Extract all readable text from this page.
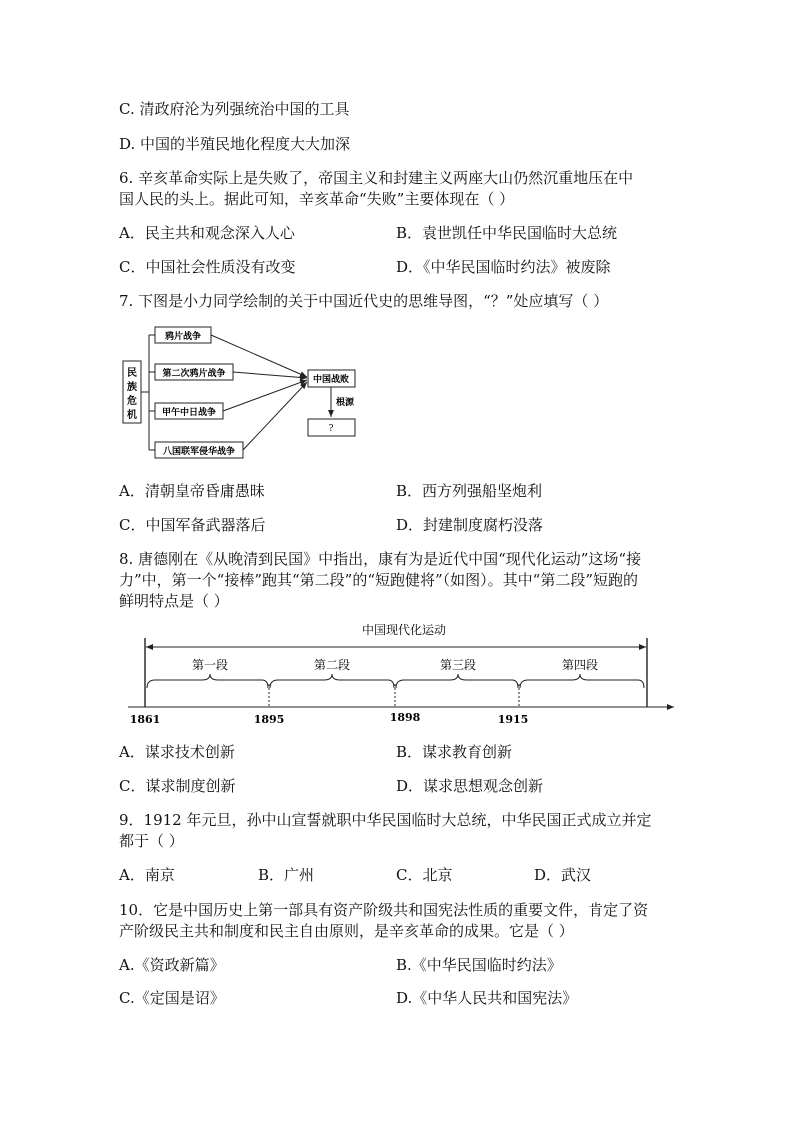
C. 清政府沦为列强统治中国的工具
D. 中国的半殖民地化程度大大加深
6. 辛亥革命实际上是失败了，帝国主义和封建主义两座大山仍然沉重地压在中
国人民的头上。据此可知，辛亥革命“失败”主要体现在（ ）
A．民主共和观念深入人心	B．袁世凯任中华民国临时大总统
C．中国社会性质没有改变	D．《中华民国临时约法》被废除
7. 下图是小力同学绘制的关于中国近代史的思维导图，“？”处应填写（ ）
民
族
危
机
鸦片战争
第二次鸦片战争
甲午中日战争
八国联军侵华战争
中国战败
根源
?
A．清朝皇帝昏庸愚昧	B．西方列强船坚炮利
C．中国军备武器落后	D．封建制度腐朽没落
8. 唐德刚在《从晚清到民国》中指出，康有为是近代中国“现代化运动”这场“接
力”中，第一个“接棒”跑其“第二段”的“短跑健将”（如图）。其中“第二段”短跑的
鲜明特点是（ ）
中国现代化运动
第一段	第二段	第三段	第四段
1861	1895	1898	1915
A．谋求技术创新	B．谋求教育创新
C．谋求制度创新	D．谋求思想观念创新
9．1912 年元旦，孙中山宣誓就职中华民国临时大总统，中华民国正式成立并定
都于（ ）
A．南京	B．广州	C．北京	D．武汉
10．它是中国历史上第一部具有资产阶级共和国宪法性质的重要文件，肯定了资
产阶级民主共和制度和民主自由原则，是辛亥革命的成果。它是（ ）
A.《资政新篇》	B.《中华民国临时约法》
C.《定国是诏》	D.《中华人民共和国宪法》
